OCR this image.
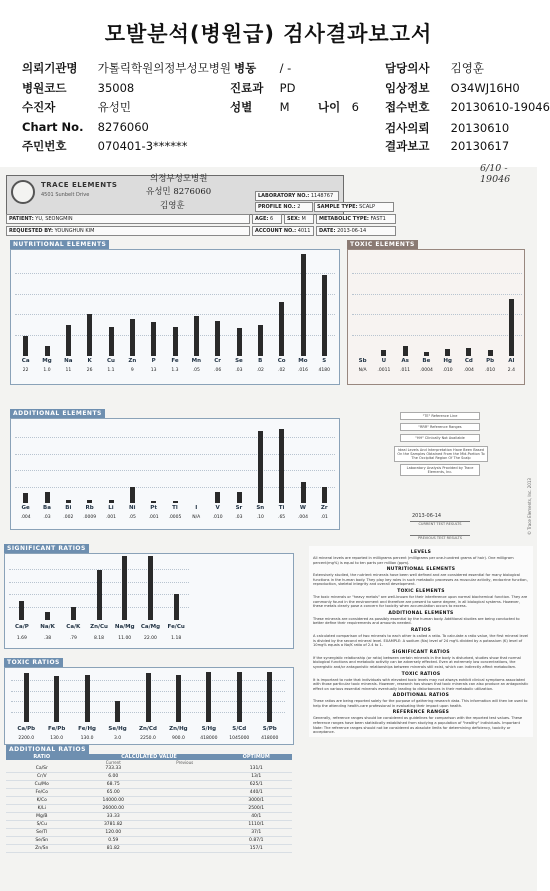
모발분석(병원급) 검사결과보고서
의뢰기관명 가톨릭학원의정부성모병원 병동 / -	담당의사 김영훈
병원코드	35008	진료과 PD	임상정보 O34WJ16H0
수진자	유성민	성별 M 나이 6 접수번호 20130610-19046
Chart No. 8276060	검사의뢰 20130610
주민번호	070401-3******	결과보고 20130617
TRACE ELEMENTS
4501 Sunbelt Drive
의정부성모병원
유성민 8276060
김영훈
6/10 - 19046
LABORATORY NO.: 1148767
PROFILE NO.: 2	SAMPLE TYPE: SCALP
PATIENT: YU, SEONGMIN	AGE: 6	SEX: M	METABOLIC TYPE: FAST1
REQUESTED BY: YOUNGHUN KIM	ACCOUNT NO.: 4011	DATE: 2013-06-14
NUTRITIONAL ELEMENTS
Ca	Mg	Na	K	Cu	Zn	P	Fe	Mn	Cr	Se	B	Co	Mo	S
22	1.0	11	26	1.1	9	13	1.3	.05	.06	.03	.02	.02	.016	4180
TOXIC ELEMENTS
Sb	U	As	Be	Hg	Cd	Pb	Al
N/A	.0011	.011	.0004	.010	.004	.010	2.4
ADDITIONAL ELEMENTS
Ge	Ba	Bi	Rb	Li	Ni	Pt	Tl	I	V	Sr	Sn	Ti	W	Zr
.004	.03	.002	.0009	.001	.05	.001	.0005	N/A	.010	.03	.10	.65	.004	.01
"TE" Reference Line
"RRR" Reference Ranges
"HH" Clinically Not Available
Ideal Levels And Interpretation Have Been Based On the Samples Obtained From the Mid-Portion To The Occipital Region Of The Scalp
Laboratory Analysis Provided by Trace Elements, Inc.
2013-06-14
CURRENT TEST RESULTS
PREVIOUS TEST RESULTS
© Trace Elements, Inc. 2013
SIGNIFICANT RATIOS
Ca/P	Na/K	Ca/K	Zn/Cu	Na/Mg	Ca/Mg	Fe/Cu
1.69	.38	.79	8.18	11.00	22.00	1.18
TOXIC RATIOS
Ca/Pb	Fe/Pb	Fe/Hg	Se/Hg	Zn/Cd	Zn/Hg	S/Hg	S/Cd	S/Pb
2200.0	130.0	130.0	3.0	2250.0	900.0	418000	1045000	418000
ADDITIONAL RATIOS
RATIO	CALCULATED VALUE	OPTIMUM
Current	Previous
Ca/Sr	733.33	131/1
Cr/V	6.00	13/1
Cu/Mo	68.75	625/1
Fe/Co	65.00	440/1
K/Co	14000.00	3000/1
K/Li	26000.00	2500/1
Mg/B	33.33	40/1
S/Cu	3781.82	1110/1
Se/Tl	120.00	37/1
Se/Sn	0.59	0.87/1
Zn/Sn	81.82	157/1
LEVELS

All mineral levels are reported in milligrams percent (milligrams per one-hundred grams of hair). One milligram percent(mg%) is equal to ten parts per million (ppm).

NUTRITIONAL ELEMENTS

Extensively studied, the nutrient minerals have been well defined and are considered essential for many biological functions in the human body. They play key roles in such metabolic processes as muscular activity, endocrine function, reproduction, skeletal integrity and overall development.

TOXIC ELEMENTS

The toxic minerals or "heavy metals" are well-known for their interference upon normal biochemical function. They are commonly found in the environment and therefore are present to some degree, in all biological systems. However, these metals clearly pose a concern for toxicity when accumulation occurs to excess.

ADDITIONAL ELEMENTS

These minerals are considered as possibly essential by the human body. Additional studies are being conducted to better define their requirements and amounts needed.

RATIOS

A calculated comparison of two minerals to each other is called a ratio. To calculate a ratio value, the first mineral level is divided by the second mineral level. EXAMPLE: A sodium (Na) level of 24 mg% divided by a potassium (K) level of 10mg% equals a Na/K ratio of 2.4 to 1.

SIGNIFICANT RATIOS

If the synergistic relationship (or ratio) between certain minerals in the body is disturbed, studies show that normal biological functions and metabolic activity can be adversely effected. Even at extremely low concentrations, the synergistic and/or antagonistic relationships between minerals still exist, which can indirectly affect metabolism.

TOXIC RATIOS

It is important to note that individuals with elevated toxic levels may not always exhibit clinical symptoms associated with those particular toxic minerals. However, research has shown that toxic minerals can also produce an antagonistic effect on various essential minerals eventually leading to disturbances in their metabolic utilization.

ADDITIONAL RATIOS

These ratios are being reported solely for the purpose of gathering research data. This information will then be used to help the attending health-care professional in evaluating their impact upon health.

REFERENCE RANGES

Generally, reference ranges should be considered as guidelines for comparison with the reported test values. These reference ranges have been statistically established from studying a population of "healthy" individuals. Important Note: The reference ranges should not be considered as absolute limits for determining deficiency, toxicity or acceptance.
